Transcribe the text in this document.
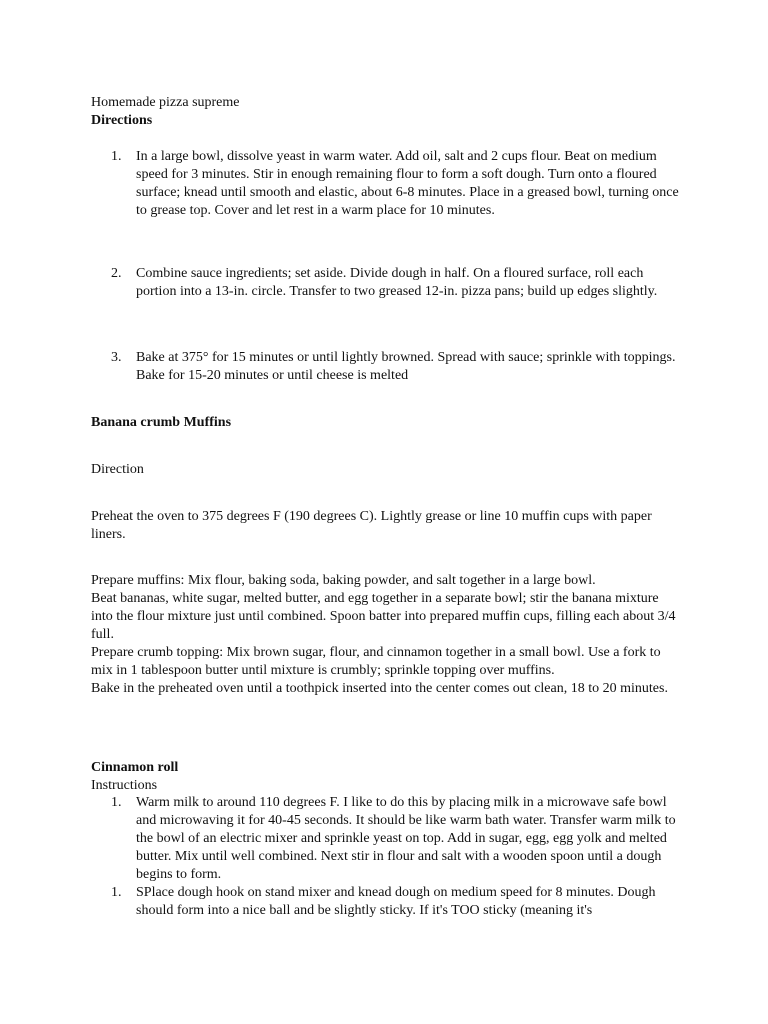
Homemade pizza supreme
Directions
1. In a large bowl, dissolve yeast in warm water. Add oil, salt and 2 cups flour. Beat on medium speed for 3 minutes. Stir in enough remaining flour to form a soft dough. Turn onto a floured surface; knead until smooth and elastic, about 6-8 minutes. Place in a greased bowl, turning once to grease top. Cover and let rest in a warm place for 10 minutes.
2. Combine sauce ingredients; set aside. Divide dough in half. On a floured surface, roll each portion into a 13-in. circle. Transfer to two greased 12-in. pizza pans; build up edges slightly.
3. Bake at 375° for 15 minutes or until lightly browned. Spread with sauce; sprinkle with toppings. Bake for 15-20 minutes or until cheese is melted
Banana crumb Muffins
Direction
Preheat the oven to 375 degrees F (190 degrees C). Lightly grease or line 10 muffin cups with paper liners.

Prepare muffins: Mix flour, baking soda, baking powder, and salt together in a large bowl.

Beat bananas, white sugar, melted butter, and egg together in a separate bowl; stir the banana mixture into the flour mixture just until combined. Spoon batter into prepared muffin cups, filling each about 3/4 full.

Prepare crumb topping: Mix brown sugar, flour, and cinnamon together in a small bowl. Use a fork to mix in 1 tablespoon butter until mixture is crumbly; sprinkle topping over muffins.

Bake in the preheated oven until a toothpick inserted into the center comes out clean, 18 to 20 minutes.

Cinnamon roll
Instructions
1. Warm milk to around 110 degrees F. I like to do this by placing milk in a microwave safe bowl and microwaving it for 40-45 seconds. It should be like warm bath water. Transfer warm milk to the bowl of an electric mixer and sprinkle yeast on top. Add in sugar, egg, egg yolk and melted butter. Mix until well combined. Next stir in flour and salt with a wooden spoon until a dough begins to form.
1. SPlace dough hook on stand mixer and knead dough on medium speed for 8 minutes. Dough should form into a nice ball and be slightly sticky. If it's TOO sticky (meaning it's
